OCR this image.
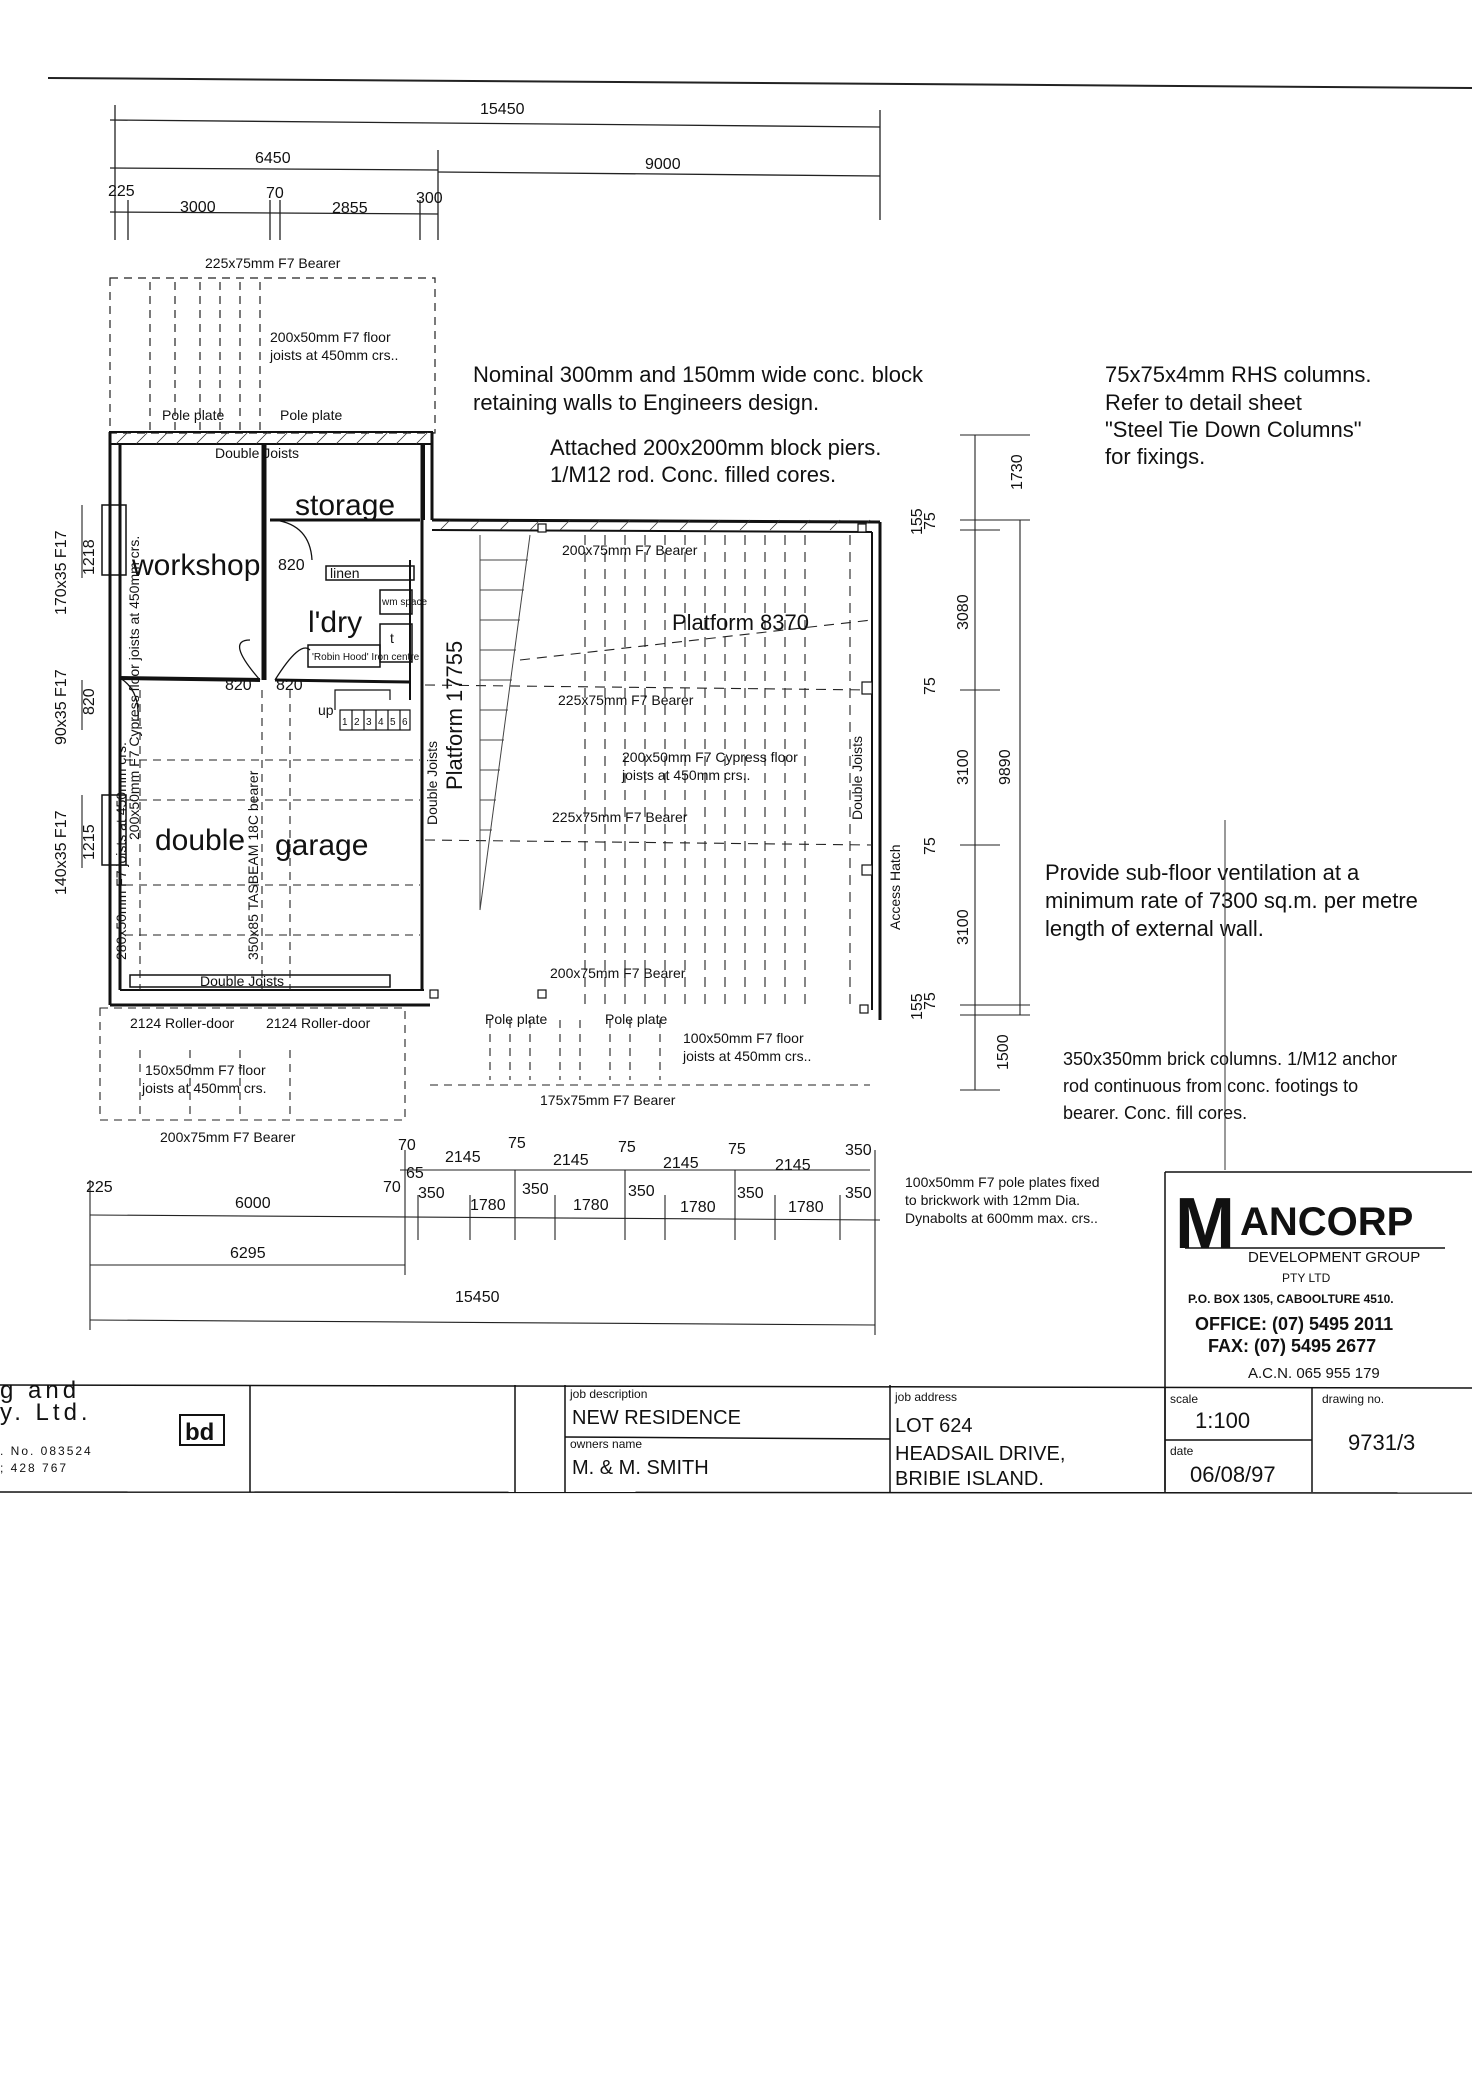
15450
6450	9000
225
3000
70
2855
300
225x75mm F7 Bearer
200x50mm F7 floor
joists at 450mm crs..
Pole plate	Pole plate
Double Joists
storage
workshop
l'dry
linen
wm space
t
'Robin Hood' Iron centre
up
double garage
1 2 3 4 5 6
820
820 820
200x50mm F7 Cypress floor joists at 450mm crs.
350x85 TASBEAM 18C bearer
280x50mm F7 joists at 450mm crs.
Double Joists
200x75mm F7 Bearer
Platform 8370
225x75mm F7 Bearer
200x50mm F7 Cypress floor
joists at 450mm crs..
225x75mm F7 Bearer
200x75mm F7 Bearer
Double Joists
Access Hatch
Double Joists Platform 17755
1218
170x35 F17
820
90x35 F17
1215
140x35 F17
1730
155
75
3080
75
3100 9890
75
3100
75
155
1500
2124 Roller-door 2124 Roller-door
150x50mm F7 floor
joists at 450mm crs.
200x75mm F7 Bearer
Pole plate	Pole plate
100x50mm F7 floor
joists at 450mm crs..
175x75mm F7 Bearer
70
2145
75
2145
75
2145
75
2145
350
225
6000
70
65
350
1780
350
1780
350
1780
350
1780
350
6295
15450
Nominal 300mm and 150mm wide conc. block
retaining walls to Engineers design.
Attached 200x200mm block piers.
1/M12 rod. Conc. filled cores.
75x75x4mm RHS columns.
Refer to detail sheet
"Steel Tie Down Columns"
for fixings.
Provide sub-floor ventilation at a
minimum rate of 7300 sq.m. per metre
length of external wall.
350x350mm brick columns. 1/M12 anchor
rod continuous from conc. footings to
bearer. Conc. fill cores.
100x50mm F7 pole plates fixed
to brickwork with 12mm Dia.
Dynabolts at 600mm max. crs.. M ANCORP
DEVELOPMENT GROUP
PTY LTD
P.O. BOX 1305, CABOOLTURE 4510.
OFFICE: (07) 5495 2011
FAX: (07) 5495 2677
A.C.N. 065 955 179
g and
y. Ltd.
. No. 083524
; 428 767
bd
job description
NEW RESIDENCE
owners name
M. & M. SMITH
job address
LOT 624
HEADSAIL DRIVE,
BRIBIE ISLAND.
scale
1:100
date
06/08/97
drawing no.
9731/3
